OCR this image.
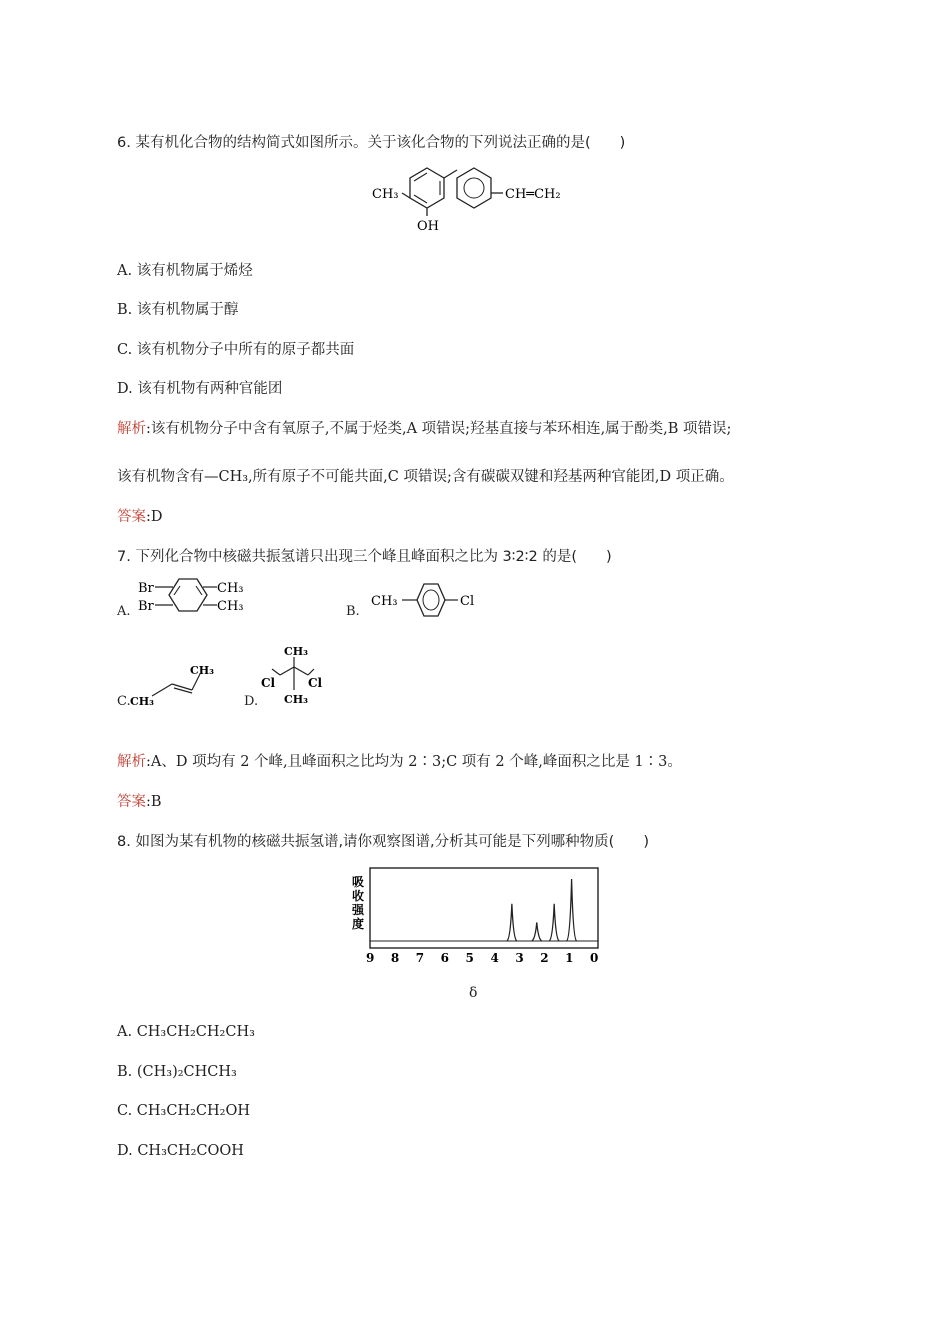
6. 某有机化合物的结构简式如图所示。关于该化合物的下列说法正确的是(　　)
CH₃
OH
CH═CH₂
A. 该有机物属于烯烃
B. 该有机物属于醇
C. 该有机物分子中所有的原子都共面
D. 该有机物有两种官能团
解析:该有机物分子中含有氧原子,不属于烃类,A 项错误;羟基直接与苯环相连,属于酚类,B 项错误;
该有机物含有—CH₃,所有原子不可能共面,C 项错误;含有碳碳双键和羟基两种官能团,D 项正确。
答案:D
7. 下列化合物中核磁共振氢谱只出现三个峰且峰面积之比为 3∶2∶2 的是(　　)
A.
Br
Br
CH₃
CH₃	B.
CH₃	Cl
C. CH₃
CH₃
D.
CH₃
Cl	Cl
CH₃
解析:A、D 项均有 2 个峰,且峰面积之比均为 2∶3;C 项有 2 个峰,峰面积之比是 1∶3。
答案:B
8. 如图为某有机物的核磁共振氢谱,请你观察图谱,分析其可能是下列哪种物质(　　)
吸
收
强
度
9 8 7 6 5 4 3 2 1 0
δ
A. CH₃CH₂CH₂CH₃
B. (CH₃)₂CHCH₃
C. CH₃CH₂CH₂OH
D. CH₃CH₂COOH
